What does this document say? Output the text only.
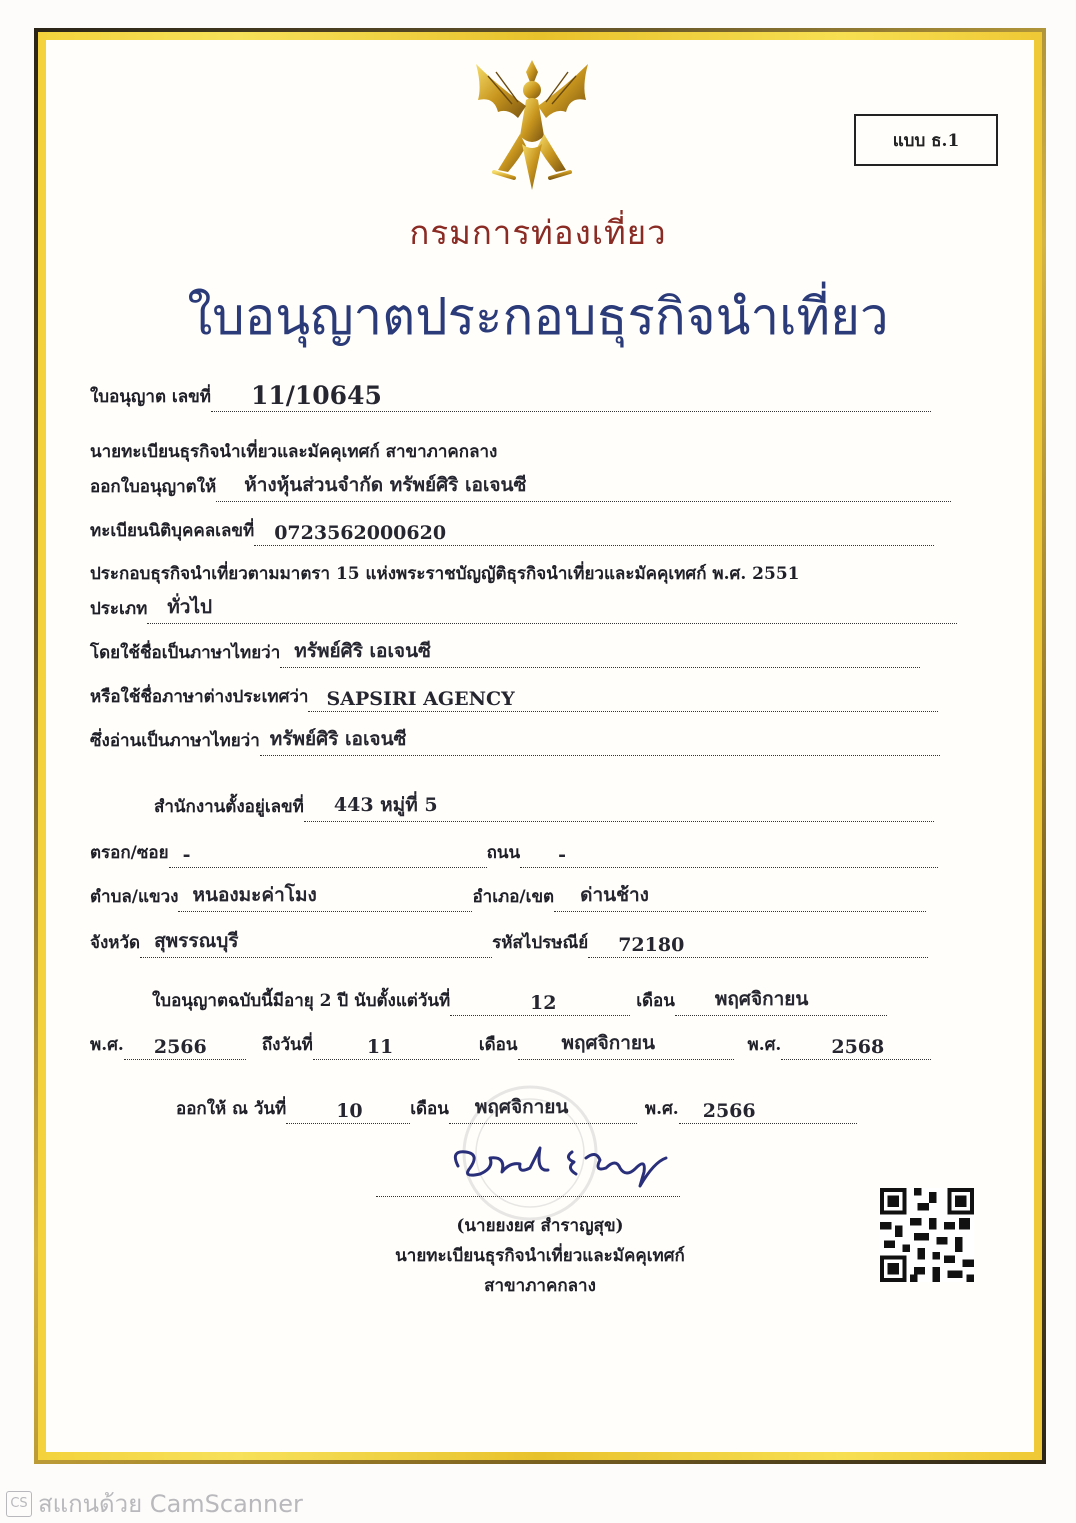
แบบ ธ.1
กรมการท่องเที่ยว
ใบอนุญาตประกอบธุรกิจนำเที่ยว
ใบอนุญาต เลขที่	11/10645
นายทะเบียนธุรกิจนำเที่ยวและมัคคุเทศก์ สาขาภาคกลาง
ออกใบอนุญาตให้	ห้างหุ้นส่วนจำกัด ทรัพย์ศิริ เอเจนซี
ทะเบียนนิติบุคคลเลขที่	0723562000620
ประกอบธุรกิจนำเที่ยวตามมาตรา 15 แห่งพระราชบัญญัติธุรกิจนำเที่ยวและมัคคุเทศก์ พ.ศ. 2551
ประเภท	ทั่วไป
โดยใช้ชื่อเป็นภาษาไทยว่า ทรัพย์ศิริ เอเจนซี
หรือใช้ชื่อภาษาต่างประเทศว่า SAPSIRI AGENCY
ซึ่งอ่านเป็นภาษาไทยว่า ทรัพย์ศิริ เอเจนซี
สำนักงานตั้งอยู่เลขที่	443 หมู่ที่ 5
ตรอก/ซอย -	ถนน	-
ตำบล/แขวง หนองมะค่าโมง	อำเภอ/เขต	ด่านช้าง
จังหวัด สุพรรณบุรี	รหัสไปรษณีย์	72180
ใบอนุญาตฉบับนี้มีอายุ 2 ปี นับตั้งแต่วันที่	12	เดือน	พฤศจิกายน
พ.ศ.	2566	ถึงวันที่	11	เดือน	พฤศจิกายน	พ.ศ.	2568
ออกให้ ณ วันที่	10	เดือน	พฤศจิกายน	พ.ศ.	2566
(นายยงยศ สำราญสุข)
นายทะเบียนธุรกิจนำเที่ยวและมัคคุเทศก์
สาขาภาคกลาง
CS สแกนด้วย CamScanner
